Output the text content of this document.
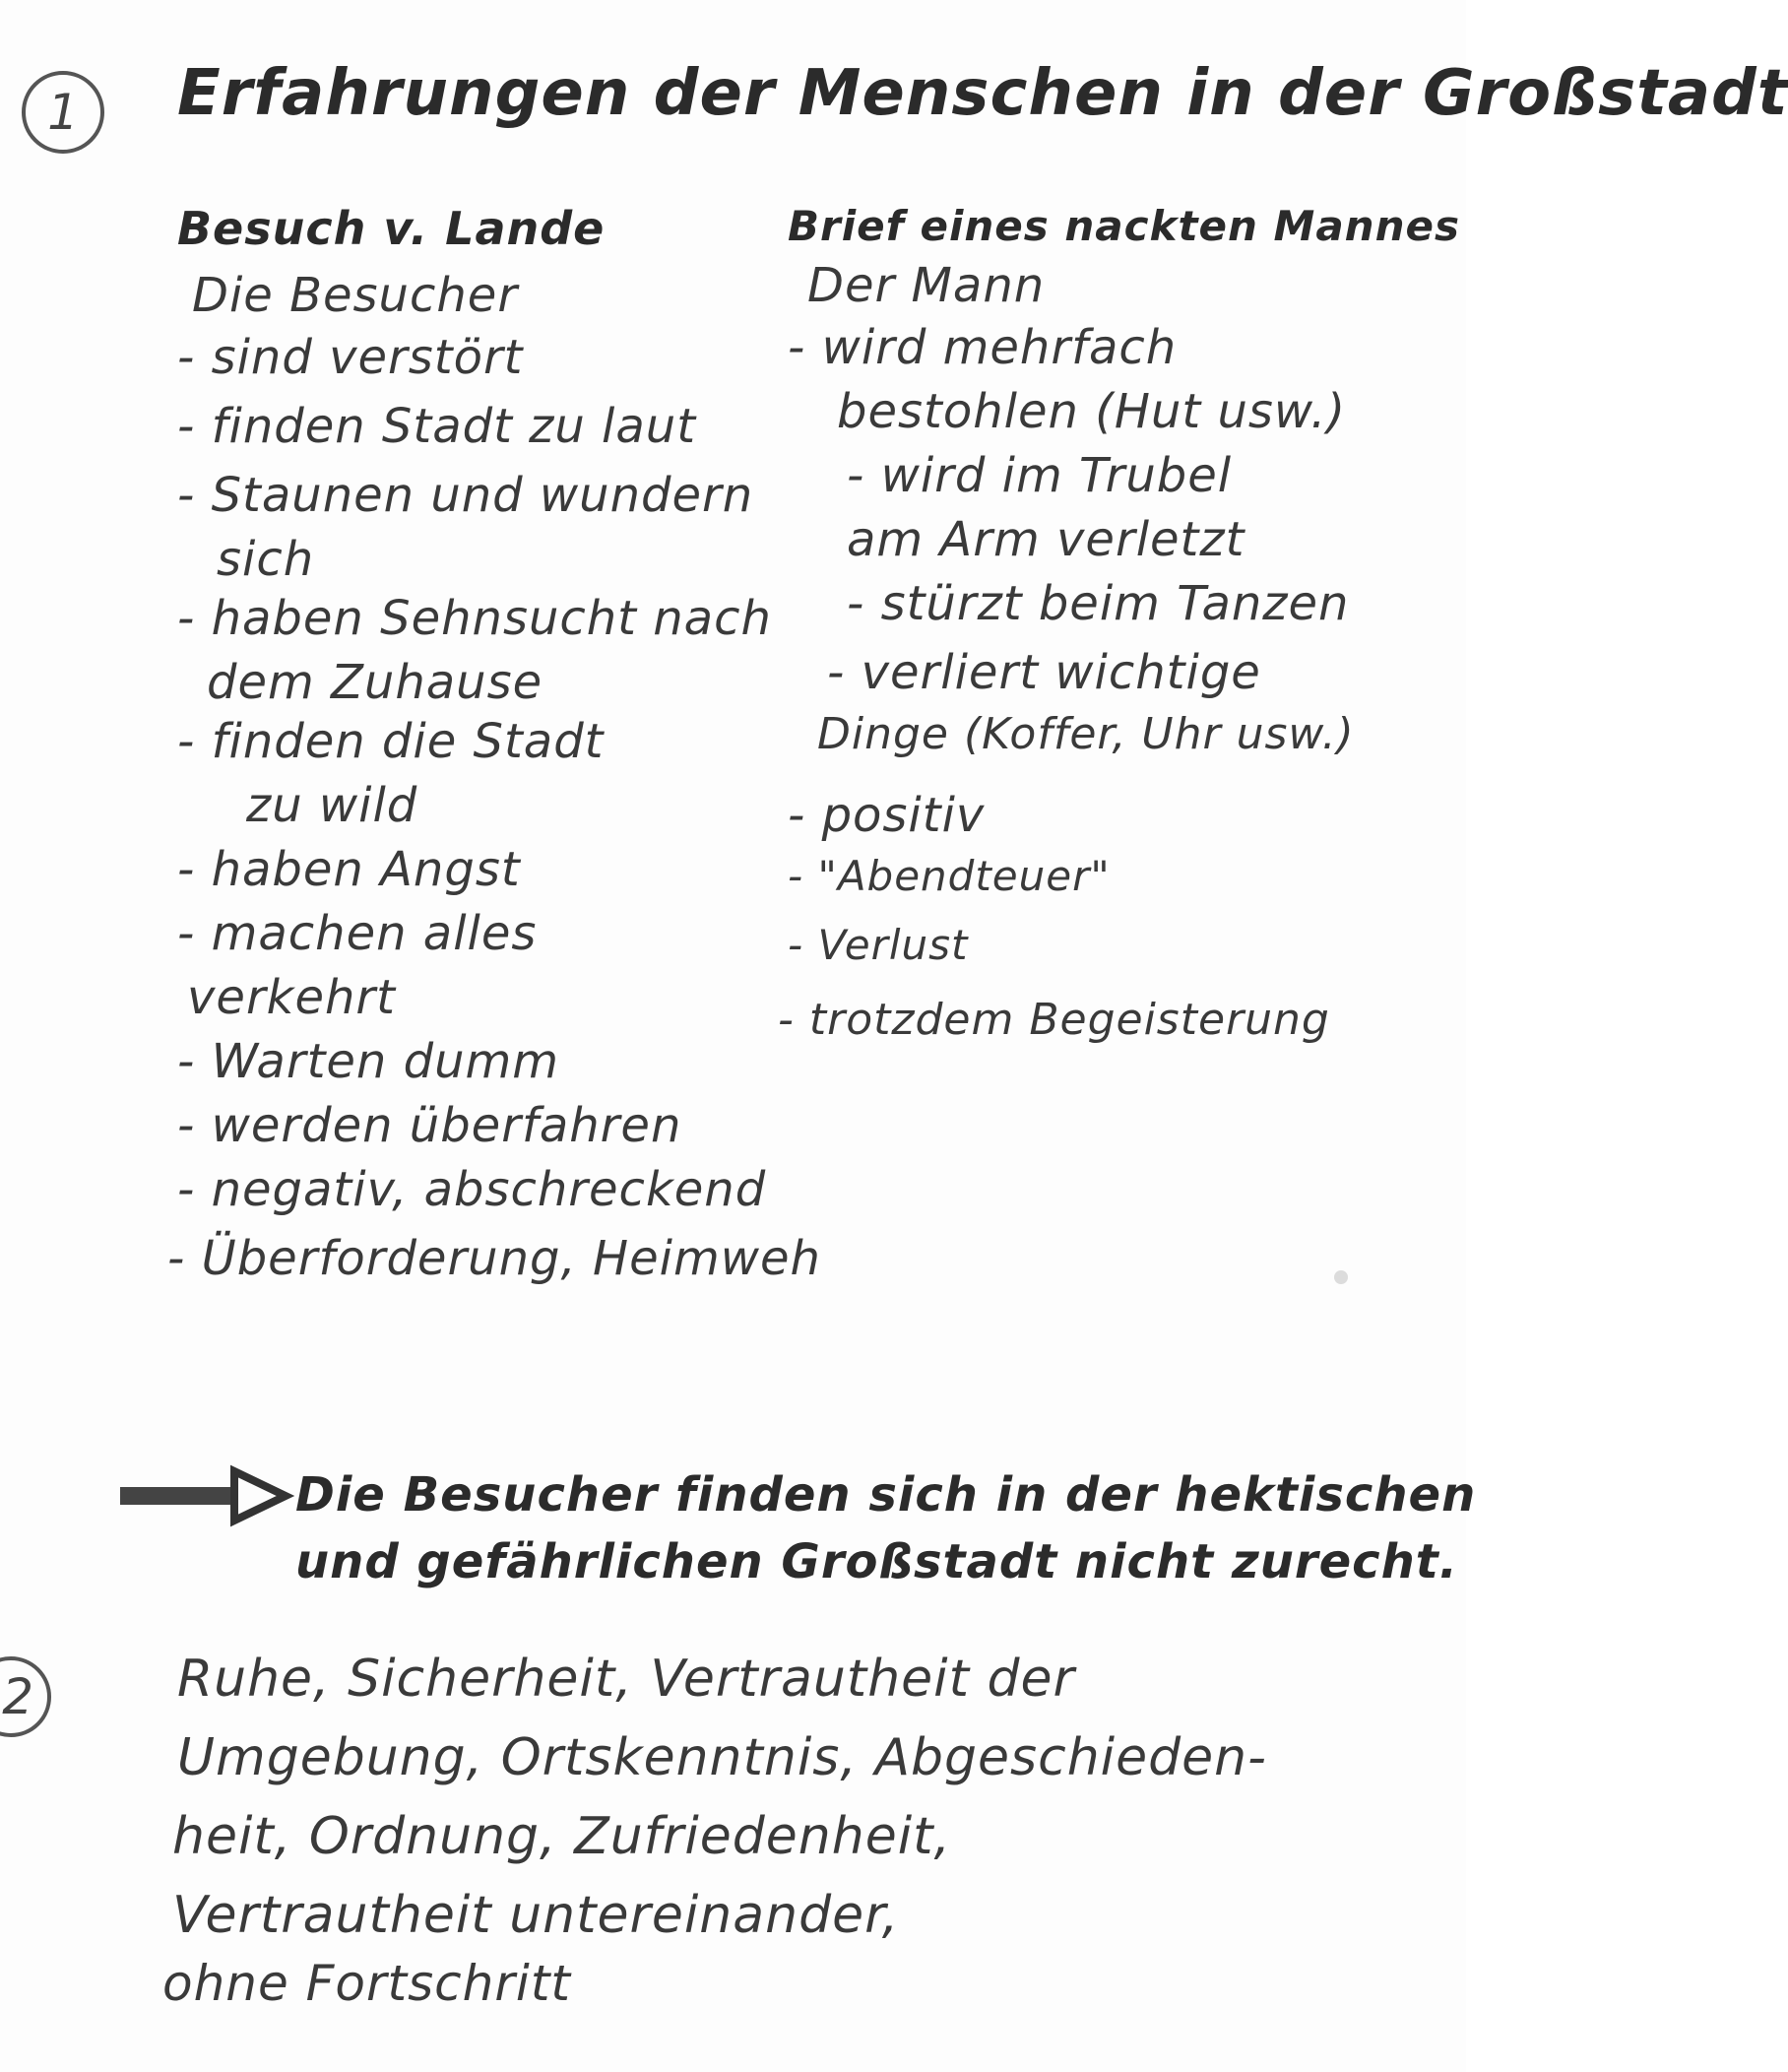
1 Erfahrungen der Menschen in der Großstadt
Besuch v. Lande
Die Besucher
- sind verstört
- finden Stadt zu laut
- Staunen und wundern
sich
- haben Sehnsucht nach
dem Zuhause
- finden die Stadt
zu wild
- haben Angst
- machen alles
verkehrt
- Warten dumm
- werden überfahren
- negativ, abschreckend
- Überforderung, Heimweh
Brief eines nackten Mannes
Der Mann
- wird mehrfach
bestohlen (Hut usw.)
- wird im Trubel
am Arm verletzt
- stürzt beim Tanzen
- verliert wichtige
Dinge (Koffer, Uhr usw.)
- positiv
- "Abendteuer"
- Verlust
- trotzdem Begeisterung
Die Besucher finden sich in der hektischen
und gefährlichen Großstadt nicht zurecht.
2	Ruhe, Sicherheit, Vertrautheit der
Umgebung, Ortskenntnis, Abgeschieden-
heit, Ordnung, Zufriedenheit,
Vertrautheit untereinander,
ohne Fortschritt
